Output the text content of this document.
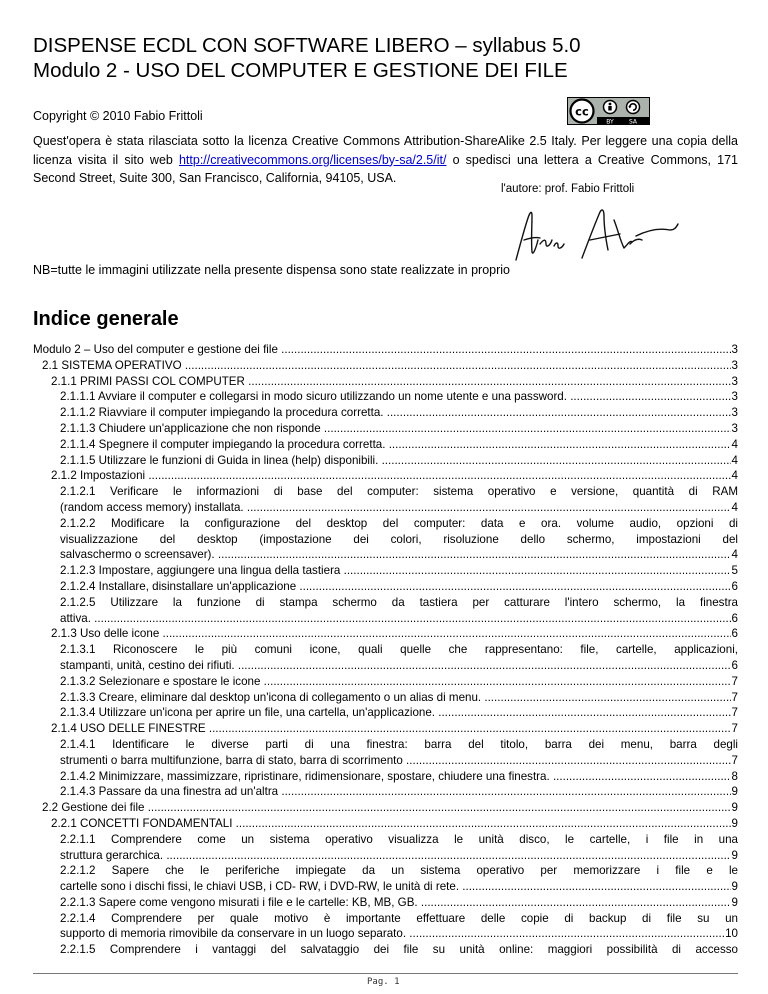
DISPENSE ECDL CON SOFTWARE LIBERO – syllabus 5.0
Modulo 2 - USO DEL COMPUTER E GESTIONE DEI FILE
Copyright © 2010 Fabio Frittoli	cc
BY	SA

Quest'opera è stata rilasciata sotto la licenza Creative Commons Attribution-ShareAlike 2.5 Italy. Per leggere una copia della licenza visita il sito web http://creativecommons.org/licenses/by-sa/2.5/it/ o spedisci una lettera a Creative Commons, 171 Second Street, Suite 300, San Francisco, California, 94105, USA.

l'autore: prof. Fabio Frittoli
NB=tutte le immagini utilizzate nella presente dispensa sono state realizzate in proprio
Indice generale
Modulo 2 – Uso del computer e gestione dei file .....	3
2.1 SISTEMA OPERATIVO .....	3
2.1.1 PRIMI PASSI COL COMPUTER .....	3
2.1.1.1 Avviare il computer e collegarsi in modo sicuro utilizzando un nome utente e una password. .....	3
2.1.1.2 Riavviare il computer impiegando la procedura corretta. .....	3
2.1.1.3 Chiudere un'applicazione che non risponde .....	3
2.1.1.4 Spegnere il computer impiegando la procedura corretta. .....	4
2.1.1.5 Utilizzare le funzioni di Guida in linea (help) disponibili. .....	4
2.1.2 Impostazioni .....	4
2.1.2.1 Verificare le informazioni di base del computer: sistema operativo e versione, quantità di RAM
(random access memory) installata. .....	4
2.1.2.2 Modificare la configurazione del desktop del computer: data e ora. volume audio, opzioni di
visualizzazione del desktop (impostazione dei colori, risoluzione dello schermo, impostazioni del
salvaschermo o screensaver). .....	4
2.1.2.3 Impostare, aggiungere una lingua della tastiera .....	5
2.1.2.4 Installare, disinstallare un'applicazione .....	6
2.1.2.5 Utilizzare la funzione di stampa schermo da tastiera per catturare l'intero schermo, la finestra
attiva. .....	6
2.1.3 Uso delle icone .....	6
2.1.3.1 Riconoscere le più comuni icone, quali quelle che rappresentano: file, cartelle, applicazioni,
stampanti, unità, cestino dei rifiuti. .....	6
2.1.3.2 Selezionare e spostare le icone .....	7
2.1.3.3 Creare, eliminare dal desktop un'icona di collegamento o un alias di menu. .....	7
2.1.3.4 Utilizzare un'icona per aprire un file, una cartella, un'applicazione. .....	7
2.1.4 USO DELLE FINESTRE .....	7
2.1.4.1 Identificare le diverse parti di una finestra: barra del titolo, barra dei menu, barra degli
strumenti o barra multifunzione, barra di stato, barra di scorrimento .....	7
2.1.4.2 Minimizzare, massimizzare, ripristinare, ridimensionare, spostare, chiudere una finestra. .....	8
2.1.4.3 Passare da una finestra ad un'altra .....	9
2.2 Gestione dei file .....	9
2.2.1 CONCETTI FONDAMENTALI .....	9
2.2.1.1 Comprendere come un sistema operativo visualizza le unità disco, le cartelle, i file in una
struttura gerarchica. .....	9
2.2.1.2 Sapere che le periferiche impiegate da un sistema operativo per memorizzare i file e le
cartelle sono i dischi fissi, le chiavi USB, i CD- RW, i DVD-RW, le unità di rete. .....	9
2.2.1.3 Sapere come vengono misurati i file e le cartelle: KB, MB, GB. .....	9
2.2.1.4 Comprendere per quale motivo è importante effettuare delle copie di backup di file su un
supporto di memoria rimovibile da conservare in un luogo separato. .....	10
2.2.1.5 Comprendere i vantaggi del salvataggio dei file su unità online: maggiori possibilità di accesso
Pag. 1
